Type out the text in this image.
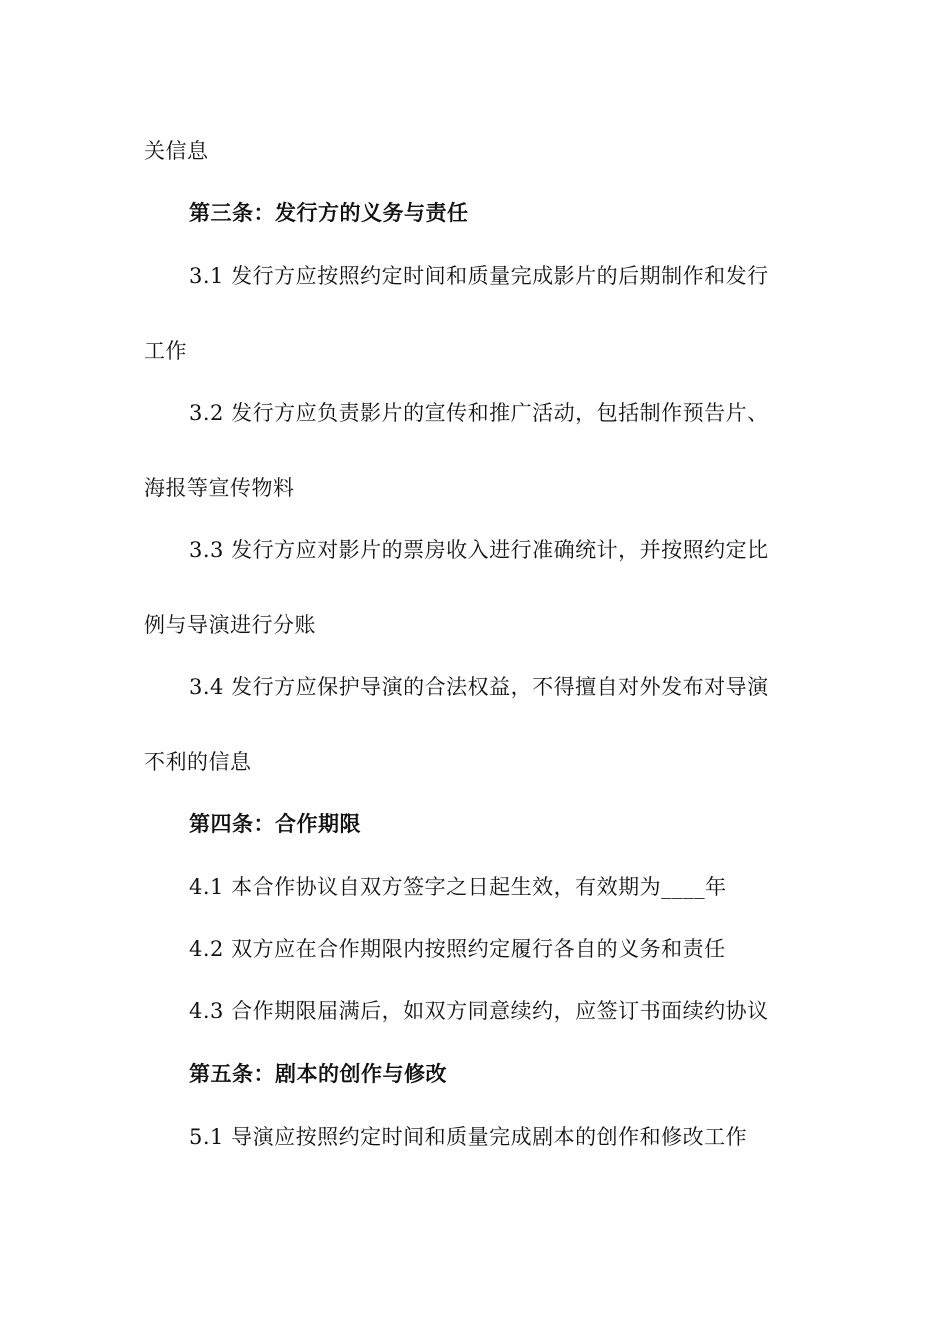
关信息
第三条：发行方的义务与责任
3.1 发行方应按照约定时间和质量完成影片的后期制作和发行
工作
3.2 发行方应负责影片的宣传和推广活动，包括制作预告片、
海报等宣传物料
3.3 发行方应对影片的票房收入进行准确统计，并按照约定比
例与导演进行分账
3.4 发行方应保护导演的合法权益，不得擅自对外发布对导演
不利的信息
第四条：合作期限
4.1 本合作协议自双方签字之日起生效，有效期为____年
4.2 双方应在合作期限内按照约定履行各自的义务和责任
4.3 合作期限届满后，如双方同意续约，应签订书面续约协议
第五条：剧本的创作与修改
5.1 导演应按照约定时间和质量完成剧本的创作和修改工作
